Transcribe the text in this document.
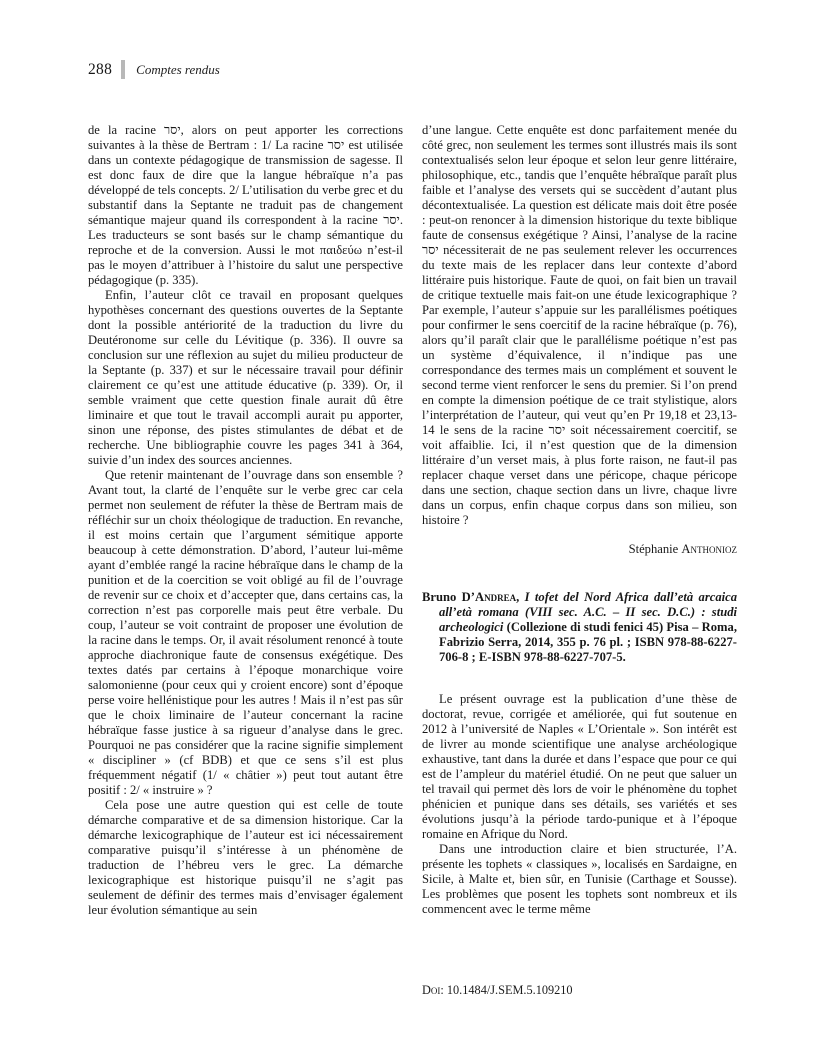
288 Comptes rendus

de la racine יסר, alors on peut apporter les corrections suivantes à la thèse de Bertram : 1/ La racine יסר est utilisée dans un contexte pédagogique de transmission de sagesse. Il est donc faux de dire que la langue hébraïque n’a pas développé de tels concepts. 2/ L’utilisation du verbe grec et du substantif dans la Septante ne traduit pas de changement sémantique majeur quand ils correspondent à la racine יסר. Les traducteurs se sont basés sur le champ sémantique du reproche et de la conversion. Aussi le mot παιδεύω n’est-il pas le moyen d’attribuer à l’histoire du salut une perspective pédagogique (p. 335).

Enfin, l’auteur clôt ce travail en proposant quelques hypothèses concernant des questions ouvertes de la Septante dont la possible antériorité de la traduction du livre du Deutéronome sur celle du Lévitique (p. 336). Il ouvre sa conclusion sur une réflexion au sujet du milieu producteur de la Septante (p. 337) et sur le nécessaire travail pour définir clairement ce qu’est une attitude éducative (p. 339). Or, il semble vraiment que cette question finale aurait dû être liminaire et que tout le travail accompli aurait pu apporter, sinon une réponse, des pistes stimulantes de débat et de recherche. Une bibliographie couvre les pages 341 à 364, suivie d’un index des sources anciennes.

Que retenir maintenant de l’ouvrage dans son ensemble ? Avant tout, la clarté de l’enquête sur le verbe grec car cela permet non seulement de réfuter la thèse de Bertram mais de réfléchir sur un choix théologique de traduction. En revanche, il est moins certain que l’argument sémitique apporte beaucoup à cette démonstration. D’abord, l’auteur lui-même ayant d’emblée rangé la racine hébraïque dans le champ de la punition et de la coercition se voit obligé au fil de l’ouvrage de revenir sur ce choix et d’accepter que, dans certains cas, la correction n’est pas corporelle mais peut être verbale. Du coup, l’auteur se voit contraint de proposer une évolution de la racine dans le temps. Or, il avait résolument renoncé à toute approche diachronique faute de consensus exégétique. Des textes datés par certains à l’époque monarchique voire salomonienne (pour ceux qui y croient encore) sont d’époque perse voire hellénistique pour les autres ! Mais il n’est pas sûr que le choix liminaire de l’auteur concernant la racine hébraïque fasse justice à sa rigueur d’analyse dans le grec. Pourquoi ne pas considérer que la racine signifie simplement « discipliner » (cf BDB) et que ce sens s’il est plus fréquemment négatif (1/ « châtier ») peut tout autant être positif : 2/ « instruire » ?

Cela pose une autre question qui est celle de toute démarche comparative et de sa dimension historique. Car la démarche lexicographique de l’auteur est ici nécessairement comparative puisqu’il s’intéresse à un phénomène de traduction de l’hébreu vers le grec. La démarche lexicographique est historique puisqu’il ne s’agit pas seulement de définir des termes mais d’envisager également leur évolution sémantique au sein

d’une langue. Cette enquête est donc parfaitement menée du côté grec, non seulement les termes sont illustrés mais ils sont contextualisés selon leur époque et selon leur genre littéraire, philosophique, etc., tandis que l’enquête hébraïque paraît plus faible et l’analyse des versets qui se succèdent d’autant plus décontextualisée. La question est délicate mais doit être posée : peut-on renoncer à la dimension historique du texte biblique faute de consensus exégétique ? Ainsi, l’analyse de la racine יסר nécessiterait de ne pas seulement relever les occurrences du texte mais de les replacer dans leur contexte d’abord littéraire puis historique. Faute de quoi, on fait bien un travail de critique textuelle mais fait-on une étude lexicographique ? Par exemple, l’auteur s’appuie sur les parallélismes poétiques pour confirmer le sens coercitif de la racine hébraïque (p. 76), alors qu’il paraît clair que le parallélisme poétique n’est pas un système d’équivalence, il n’indique pas une correspondance des termes mais un complément et souvent le second terme vient renforcer le sens du premier. Si l’on prend en compte la dimension poétique de ce trait stylistique, alors l’interprétation de l’auteur, qui veut qu’en Pr 19,18 et 23,13-14 le sens de la racine יסר soit nécessairement coercitif, se voit affaiblie. Ici, il n’est question que de la dimension littéraire d’un verset mais, à plus forte raison, ne faut-il pas replacer chaque verset dans une péricope, chaque péricope dans une section, chaque section dans un livre, chaque livre dans un corpus, enfin chaque corpus dans son milieu, son histoire ?

Stéphanie Anthonioz

Bruno D’Andrea, I tofet del Nord Africa dall’età arcaica all’età romana (VIII sec. A.C. – II sec. D.C.) : studi archeologici (Collezione di studi fenici 45) Pisa – Roma, Fabrizio Serra, 2014, 355 p. 76 pl. ; ISBN 978-88-6227-706-8 ; E-ISBN 978-88-6227-707-5.

Le présent ouvrage est la publication d’une thèse de doctorat, revue, corrigée et améliorée, qui fut soutenue en 2012 à l’université de Naples « L’Orientale ». Son intérêt est de livrer au monde scientifique une analyse archéologique exhaustive, tant dans la durée et dans l’espace que pour ce qui est de l’ampleur du matériel étudié. On ne peut que saluer un tel travail qui permet dès lors de voir le phénomène du tophet phénicien et punique dans ses détails, ses variétés et ses évolutions jusqu’à la période tardo-punique et à l’époque romaine en Afrique du Nord.

Dans une introduction claire et bien structurée, l’A. présente les tophets « classiques », localisés en Sardaigne, en Sicile, à Malte et, bien sûr, en Tunisie (Carthage et Sousse). Les problèmes que posent les tophets sont nombreux et ils commencent avec le terme même

Doi: 10.1484/J.SEM.5.109210
